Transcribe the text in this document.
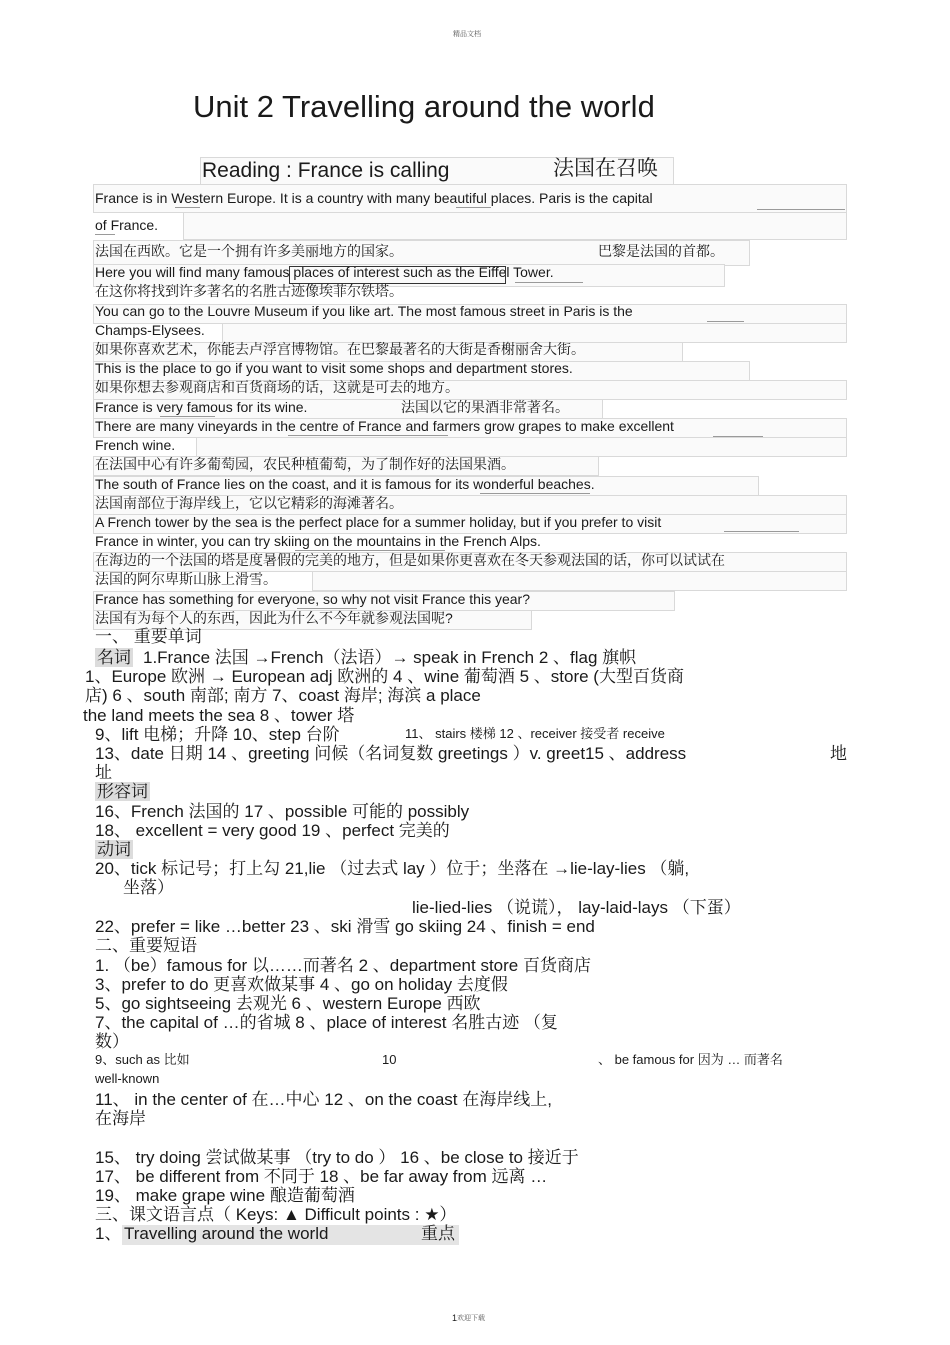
精品文档
Unit 2 Travelling around the world
Reading : France is calling	法国在召唤
France is in Western Europe. It is a country with many beautiful places. Paris is the capital
of France.
法国在西欧。它是一个拥有许多美丽地方的国家。	巴黎是法国的首都。
Here you will find many famous places of interest such as the Eiffel Tower.
在这你将找到许多著名的名胜古迹像埃菲尔铁塔。
You can go to the Louvre Museum if you like art. The most famous street in Paris is the
Champs-Elysees.
如果你喜欢艺术，你能去卢浮宫博物馆。在巴黎最著名的大街是香榭丽舍大街。
This is the place to go if you want to visit some shops and department stores.
如果你想去参观商店和百货商场的话，这就是可去的地方。
France is very famous for its wine.	法国以它的果酒非常著名。
There are many vineyards in the centre of France and farmers grow grapes to make excellent
French wine.
在法国中心有许多葡萄园，农民种植葡萄，为了制作好的法国果酒。
The south of France lies on the coast, and it is famous for its wonderful beaches.
法国南部位于海岸线上，它以它精彩的海滩著名。
A French tower by the sea is the perfect place for a summer holiday, but if you prefer to visit
France in winter, you can try skiing on the mountains in the French Alps.
在海边的一个法国的塔是度暑假的完美的地方，但是如果你更喜欢在冬天参观法国的话，你可以试试在
法国的阿尔卑斯山脉上滑雪。
France has something for everyone, so why not visit France this year?
法国有为每个人的东西，因此为什么不今年就参观法国呢?
一、 重要单词
名词 1.France 法国 →French（法语）→ speak in French 2 、flag 旗帜
1、Europe 欧洲 → European adj 欧洲的 4 、wine 葡萄酒 5 、store (大型百货商
店) 6 、south 南部; 南方 7、coast 海岸; 海滨 a place
the land meets the sea 8 、tower 塔
9、lift 电梯；升降 10、step 台阶	11、 stairs 楼梯 12 、receiver 接受者 receive
13、date 日期 14 、greeting 问候（名词复数 greetings ）v. greet15 、address	地
址
形容词
16、French 法国的 17 、possible 可能的 possibly
18、 excellent = very good 19 、perfect 完美的
动词
20、tick 标记号；打上勾 21,lie （过去式 lay ）位于；坐落在 →lie-lay-lies （躺,
坐落）
lie-lied-lies （说谎）， lay-laid-lays （下蛋）
22、prefer = like …better 23 、ski 滑雪 go skiing 24 、finish = end
二、重要短语
1. （be）famous for 以……而著名 2 、department store 百货商店
3、prefer to do 更喜欢做某事 4 、go on holiday 去度假
5、go sightseeing 去观光 6 、western Europe 西欧
7、the capital of …的省城 8 、place of interest 名胜古迹 （复
数）
9、such as 比如	10	、 be famous for 因为 … 而著名
well-known
11、 in the center of 在…中心 12 、on the coast 在海岸线上,
在海岸
15、 try doing 尝试做某事 （try to do ） 16 、be close to 接近于
17、 be different from 不同于 18 、be far away from 远离 …
19、 make grape wine 酿造葡萄酒
三、课文语言点（ Keys: ▲ Difficult points : ★）
1、 Travelling around the world	重点
1 欢迎下载
